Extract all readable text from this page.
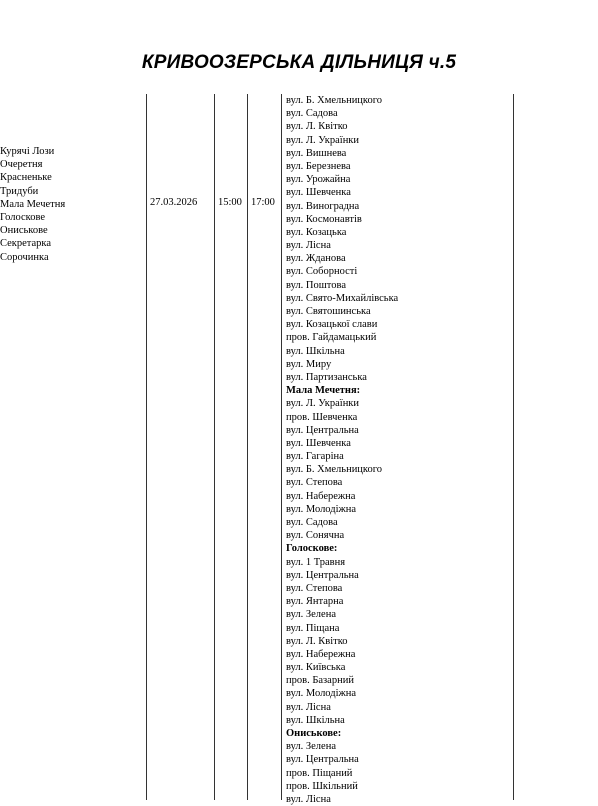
КРИВООЗЕРСЬКА ДІЛЬНИЦЯ ч.5
Курячі Лози
Очеретня
Красненьке
Тридуби
Мала Мечетня
Голоскове
Ониськове
Секретарка
Сорочинка
27.03.2026 15:00 17:00
вул. Б. Хмельницкого
вул. Садова
вул. Л. Квітко
вул. Л. Українки
вул. Вишнева
вул. Березнева
вул. Урожайна
вул. Шевченка
вул. Виноградна
вул. Космонавтів
вул. Козацька
вул. Лісна
вул. Жданова
вул. Соборності
вул. Поштова
вул. Свято-Михайлівська
вул. Святошинська
вул. Козацької слави
пров. Гайдамацький
вул. Шкільна
вул. Миру
вул. Партизанська
Мала Мечетня:
вул. Л. Українки
пров. Шевченка
вул. Центральна
вул. Шевченка
вул. Гагаріна
вул. Б. Хмельницкого
вул. Степова
вул. Набережна
вул. Молодіжна
вул. Садова
вул. Сонячна
Голоскове:
вул. 1 Травня
вул. Центральна
вул. Степова
вул. Янтарна
вул. Зелена
вул. Піщана
вул. Л. Квітко
вул. Набережна
вул. Київська
пров. Базарний
вул. Молодіжна
вул. Лісна
вул. Шкільна
Ониськове:
вул. Зелена
вул. Центральна
пров. Піщаний
пров. Шкільний
вул. Лісна
